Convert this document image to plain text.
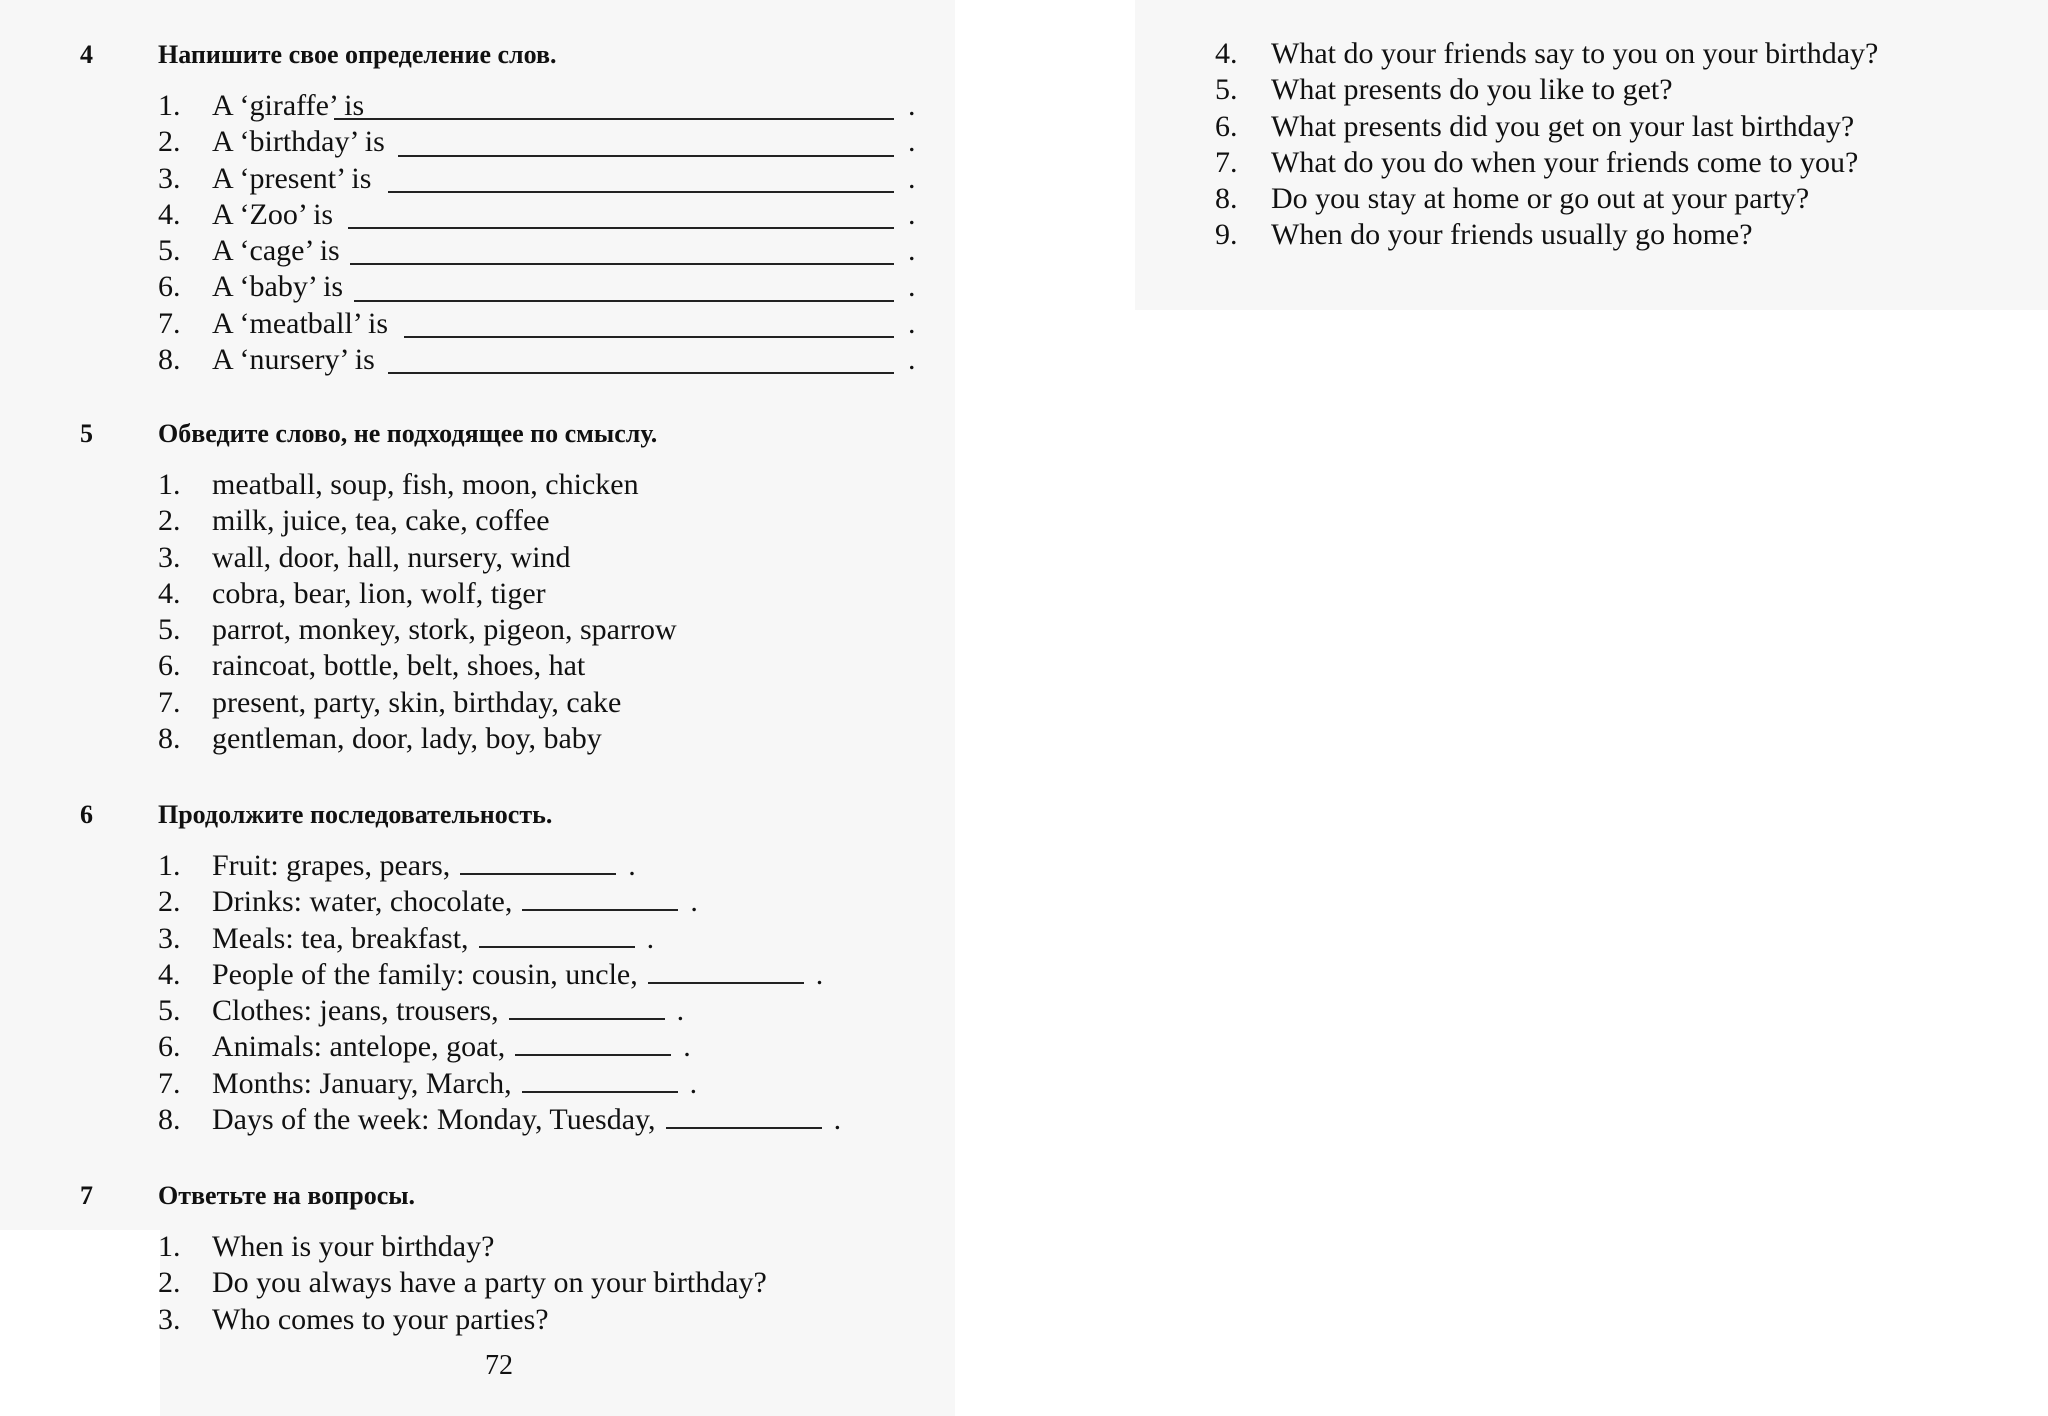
4	Напишите свое определение слов.
1. A ‘giraffe’ is	.
2. A ‘birthday’ is	.
3. A ‘present’ is	.
4. A ‘Zoo’ is	.
5. A ‘cage’ is	.
6. A ‘baby’ is	.
7. A ‘meatball’ is	.
8. A ‘nursery’ is	.
5	Обведите слово, не подходящее по смыслу.
1. meatball, soup, fish, moon, chicken
2. milk, juice, tea, cake, coffee
3. wall, door, hall, nursery, wind
4. cobra, bear, lion, wolf, tiger
5. parrot, monkey, stork, pigeon, sparrow
6. raincoat, bottle, belt, shoes, hat
7. present, party, skin, birthday, cake
8. gentleman, door, lady, boy, baby
6	Продолжите последовательность.
1. Fruit: grapes, pears,	.
2. Drinks: water, chocolate,	.
3. Meals: tea, breakfast,	.
4. People of the family: cousin, uncle,	.
5. Clothes: jeans, trousers,	.
6. Animals: antelope, goat,	.
7. Months: January, March,	.
8. Days of the week: Monday, Tuesday,	.
7	Ответьте на вопросы.
1. When is your birthday?
2. Do you always have a party on your birthday?
3. Who comes to your parties?
4. What do your friends say to you on your birthday?
5. What presents do you like to get?
6. What presents did you get on your last birthday?
7. What do you do when your friends come to you?
8. Do you stay at home or go out at your party?
9. When do your friends usually go home?
72
